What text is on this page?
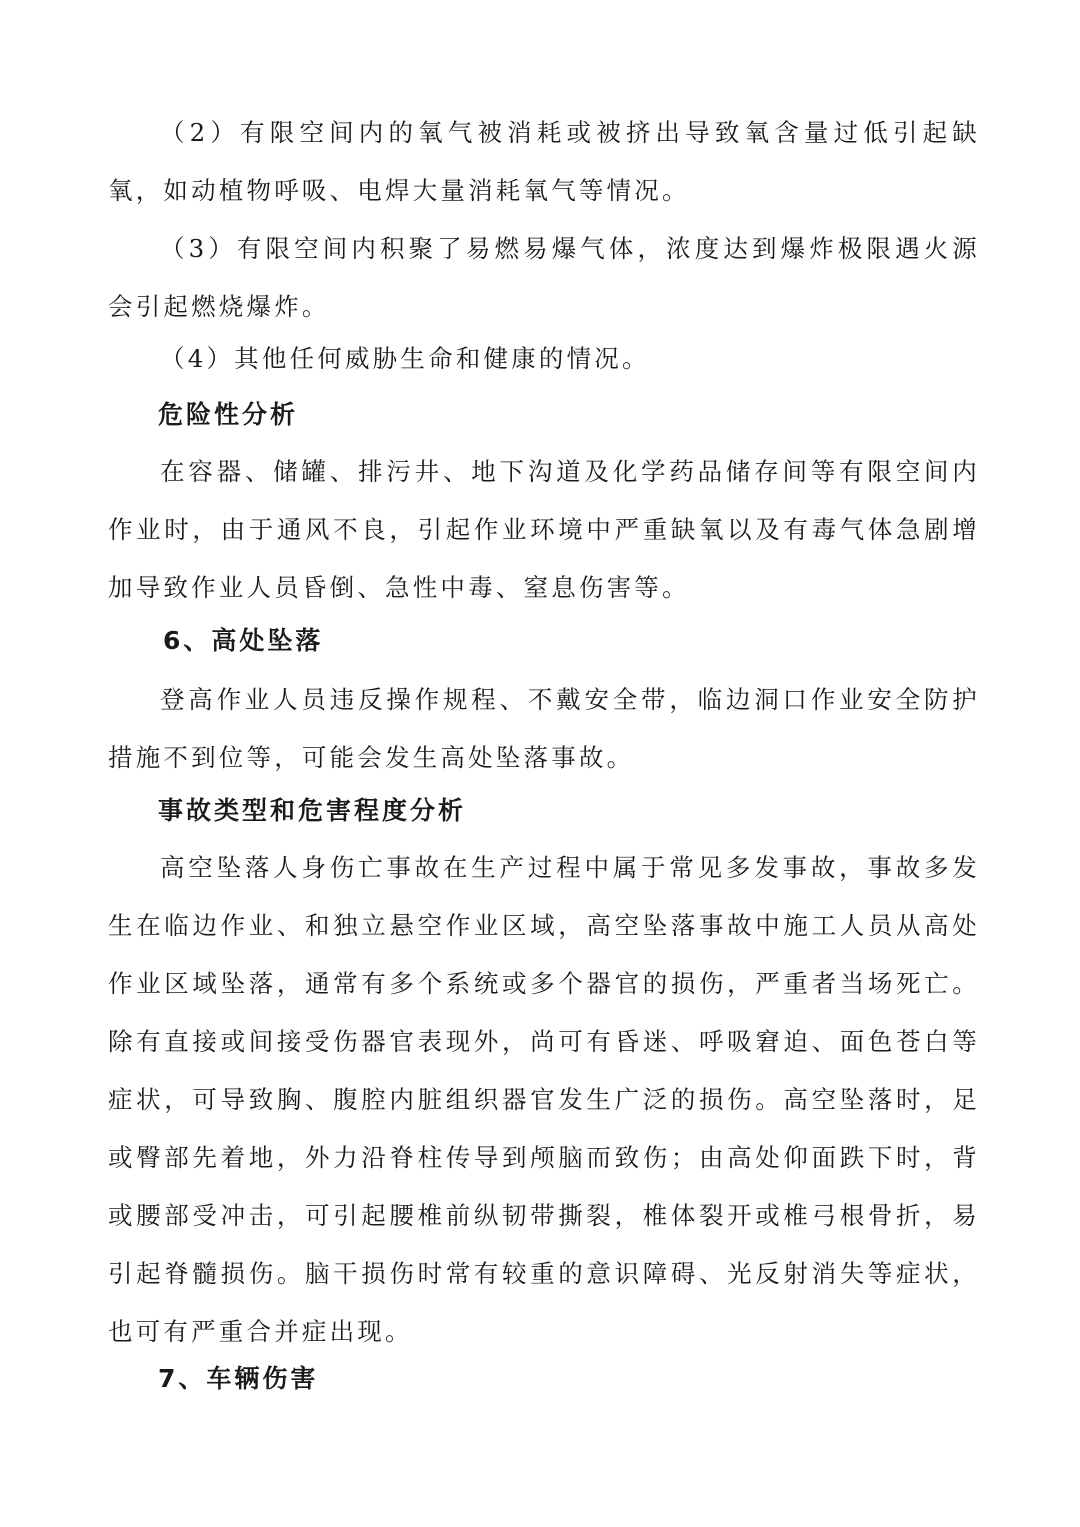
（2）有限空间内的氧气被消耗或被挤出导致氧含量过低引起缺氧，如动植物呼吸、电焊大量消耗氧气等情况。

（3）有限空间内积聚了易燃易爆气体，浓度达到爆炸极限遇火源会引起燃烧爆炸。

（4）其他任何威胁生命和健康的情况。

危险性分析

在容器、储罐、排污井、地下沟道及化学药品储存间等有限空间内作业时，由于通风不良，引起作业环境中严重缺氧以及有毒气体急剧增加导致作业人员昏倒、急性中毒、窒息伤害等。

6、高处坠落

登高作业人员违反操作规程、不戴安全带，临边洞口作业安全防护措施不到位等，可能会发生高处坠落事故。

事故类型和危害程度分析

高空坠落人身伤亡事故在生产过程中属于常见多发事故，事故多发生在临边作业、和独立悬空作业区域，高空坠落事故中施工人员从高处作业区域坠落，通常有多个系统或多个器官的损伤，严重者当场死亡。除有直接或间接受伤器官表现外，尚可有昏迷、呼吸窘迫、面色苍白等症状，可导致胸、腹腔内脏组织器官发生广泛的损伤。高空坠落时，足或臀部先着地，外力沿脊柱传导到颅脑而致伤；由高处仰面跌下时，背或腰部受冲击，可引起腰椎前纵韧带撕裂，椎体裂开或椎弓根骨折，易引起脊髓损伤。脑干损伤时常有较重的意识障碍、光反射消失等症状，也可有严重合并症出现。

7、车辆伤害
